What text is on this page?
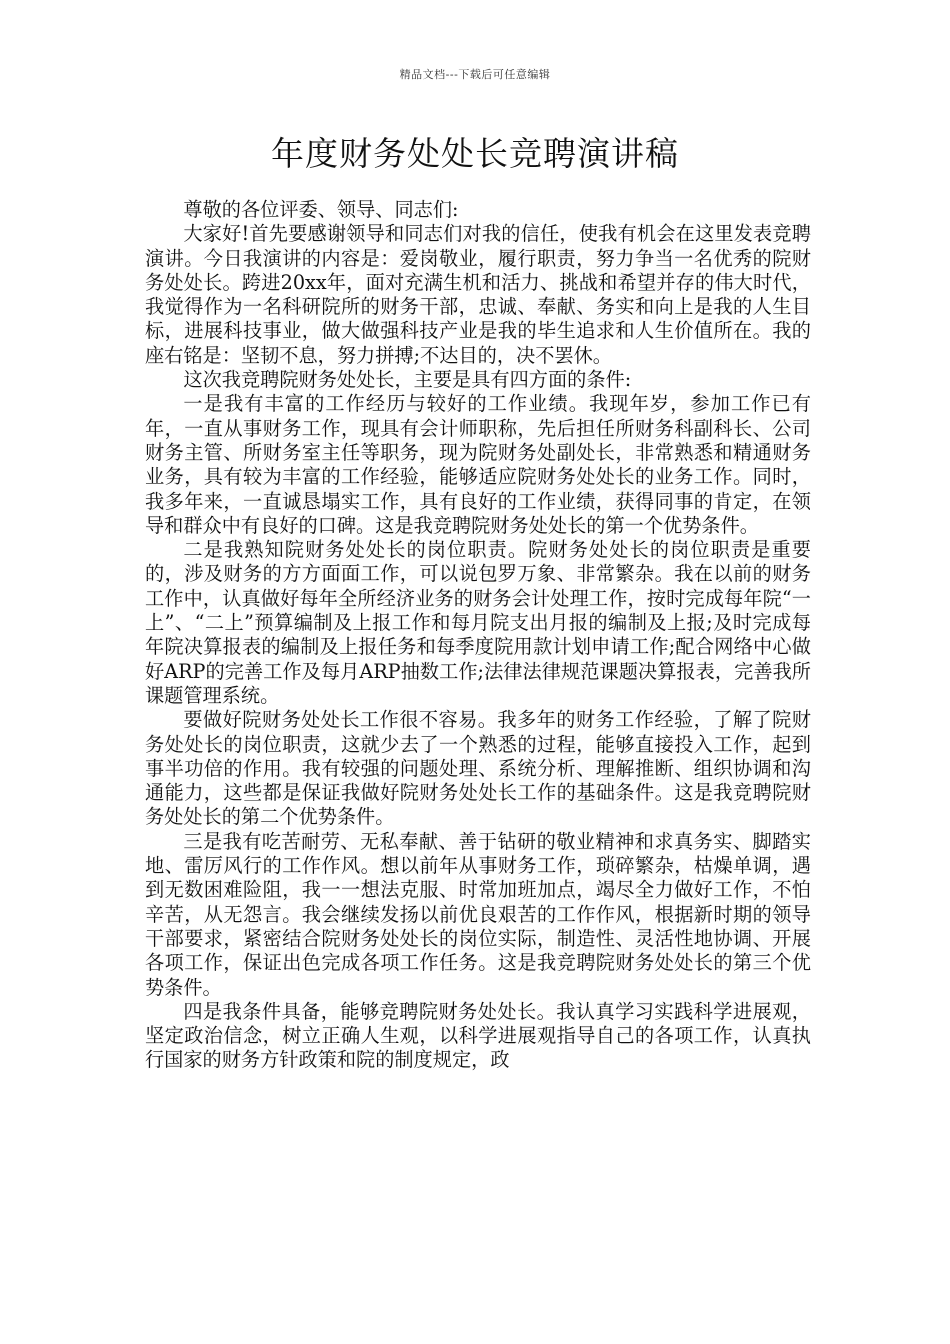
精品文档---下载后可任意编辑
年度财务处处长竞聘演讲稿

尊敬的各位评委、领导、同志们:

大家好!首先要感谢领导和同志们对我的信任，使我有机会在这里发表竞聘演讲。今日我演讲的内容是：爱岗敬业，履行职责，努力争当一名优秀的院财务处处长。跨进20xx年，面对充满生机和活力、挑战和希望并存的伟大时代，我觉得作为一名科研院所的财务干部，忠诚、奉献、务实和向上是我的人生目标，进展科技事业，做大做强科技产业是我的毕生追求和人生价值所在。我的座右铭是：坚韧不息，努力拼搏;不达目的，决不罢休。

这次我竞聘院财务处处长，主要是具有四方面的条件:

一是我有丰富的工作经历与较好的工作业绩。我现年岁，参加工作已有年，一直从事财务工作，现具有会计师职称，先后担任所财务科副科长、公司财务主管、所财务室主任等职务，现为院财务处副处长，非常熟悉和精通财务业务，具有较为丰富的工作经验，能够适应院财务处处长的业务工作。同时，我多年来，一直诚恳塌实工作，具有良好的工作业绩，获得同事的肯定，在领导和群众中有良好的口碑。这是我竞聘院财务处处长的第一个优势条件。

二是我熟知院财务处处长的岗位职责。院财务处处长的岗位职责是重要的，涉及财务的方方面面工作，可以说包罗万象、非常繁杂。我在以前的财务工作中，认真做好每年全所经济业务的财务会计处理工作，按时完成每年院“一上”、“二上”预算编制及上报工作和每月院支出月报的编制及上报;及时完成每年院决算报表的编制及上报任务和每季度院用款计划申请工作;配合网络中心做好ARP的完善工作及每月ARP抽数工作;法律法律规范课题决算报表，完善我所课题管理系统。

要做好院财务处处长工作很不容易。我多年的财务工作经验，了解了院财务处处长的岗位职责，这就少去了一个熟悉的过程，能够直接投入工作，起到事半功倍的作用。我有较强的问题处理、系统分析、理解推断、组织协调和沟通能力，这些都是保证我做好院财务处处长工作的基础条件。这是我竞聘院财务处处长的第二个优势条件。

三是我有吃苦耐劳、无私奉献、善于钻研的敬业精神和求真务实、脚踏实地、雷厉风行的工作作风。想以前年从事财务工作，琐碎繁杂，枯燥单调，遇到无数困难险阻，我一一想法克服、时常加班加点，竭尽全力做好工作，不怕辛苦，从无怨言。我会继续发扬以前优良艰苦的工作作风，根据新时期的领导干部要求，紧密结合院财务处处长的岗位实际，制造性、灵活性地协调、开展各项工作，保证出色完成各项工作任务。这是我竞聘院财务处处长的第三个优势条件。

四是我条件具备，能够竞聘院财务处处长。我认真学习实践科学进展观，坚定政治信念，树立正确人生观，以科学进展观指导自己的各项工作，认真执行国家的财务方针政策和院的制度规定，政
